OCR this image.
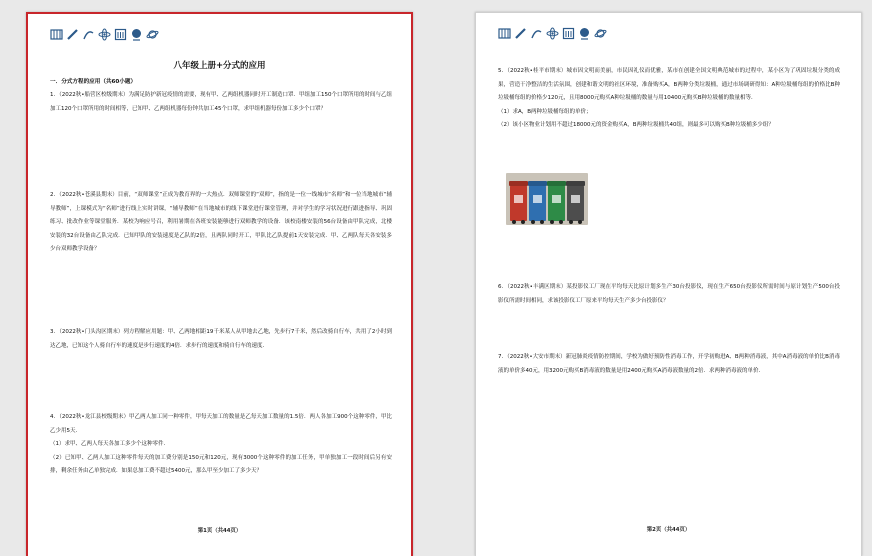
八年级上册+分式的应用
一．分式方程的应用（共60小题）

1．（2022秋•船营区校级期末）为满足防护新冠疫情的需要，现有甲、乙两组机器同时开工制造口罩．甲组加工150个口罩所用的时间与乙组加工120个口罩所用的时间相等，已知甲、乙两组机器每份钟共加工45个口罩，求甲组机器每份加工多少个口罩？

2．（2022秋•苍溪县期末）目前，“双师课堂”正成为教育界的一大热点．双师课堂的“双师”，指的是一位一线城市“名师”和一位当地城市“辅导教师”，上课模式为“名师”进行线上实时讲课，“辅导教师”在当地城市的线下课堂进行课堂管理，并对学生的学习状况进行跟进指导、巩固练习、批改作业等课堂服务．某校为响应号召，利用暑期在各班安装能够进行双师教学的设备．该校南楼安装的56台设备由甲队完成，北楼安装的32台设备由乙队完成．已知甲队的安装速度是乙队的2倍，且两队同时开工，甲队比乙队提前1天安装完成．甲、乙两队每天各安装多少台双师教学设备？

3．（2022秋•门头沟区期末）列方程解应用题：甲、乙两地相距19千米某人从甲地去乙地，先步行7千米，然后改骑自行车，共用了2小时到达乙地，已知这个人骑自行车的速度是步行速度的4倍．求步行的速度和骑自行车的速度．

4．（2022秋•龙江县校级期末）甲乙两人加工同一种零件，甲每天加工的数量是乙每天加工数量的1.5倍．两人各加工900个这种零件，甲比乙少用5天．

（1）求甲、乙两人每天各加工多少个这种零件．

（2）已知甲、乙两人加工这种零件每天的加工费分别是150元和120元，现有3000个这种零件的加工任务，甲单独加工一段时间后另有安排，剩余任务由乙单独完成．如果总加工费不超过5400元，那么甲至少加工了多少天？

第1页（共44页）

5．（2022秋•桂平市期末）城市因文明而美丽，市民因礼仪而优雅，某市在创建全国文明典范城市的过程中，某小区为了巩固垃圾分类的成果，营造干净整洁的生活氛围，创建和谐文明的社区环境，准备购买A，B两种分类垃圾桶，通过市场调研得知：A种垃圾桶每组的价格比B种垃圾桶每组的价格少120元，且用8000元购买A种垃圾桶的数量与用10400元购买B种垃圾桶的数量相等．

（1）求A，B两种垃圾桶每组的单价；

（2）该小区物业计划用不超过18000元的资金购买A，B两种垃圾桶共40组，则最多可以购买B种垃圾桶多少组？

6．（2022秋•丰满区期末）某投影仪工厂现在平均每天比原计划多生产30台投影仪，现在生产650台投影仪所需时间与原计划生产500台投影仪所需时间相同，求该投影仪工厂原来平均每天生产多少台投影仪？

7．（2022秋•大安市期末）新冠肺炎疫情防控期间，学校为做好预防性消毒工作，开学初购进A、B两种消毒液，其中A消毒液的单价比B消毒液的单价多40元，用3200元购买B消毒液的数量是用2400元购买A消毒液数量的2倍．求两种消毒液的单价．

第2页（共44页）
